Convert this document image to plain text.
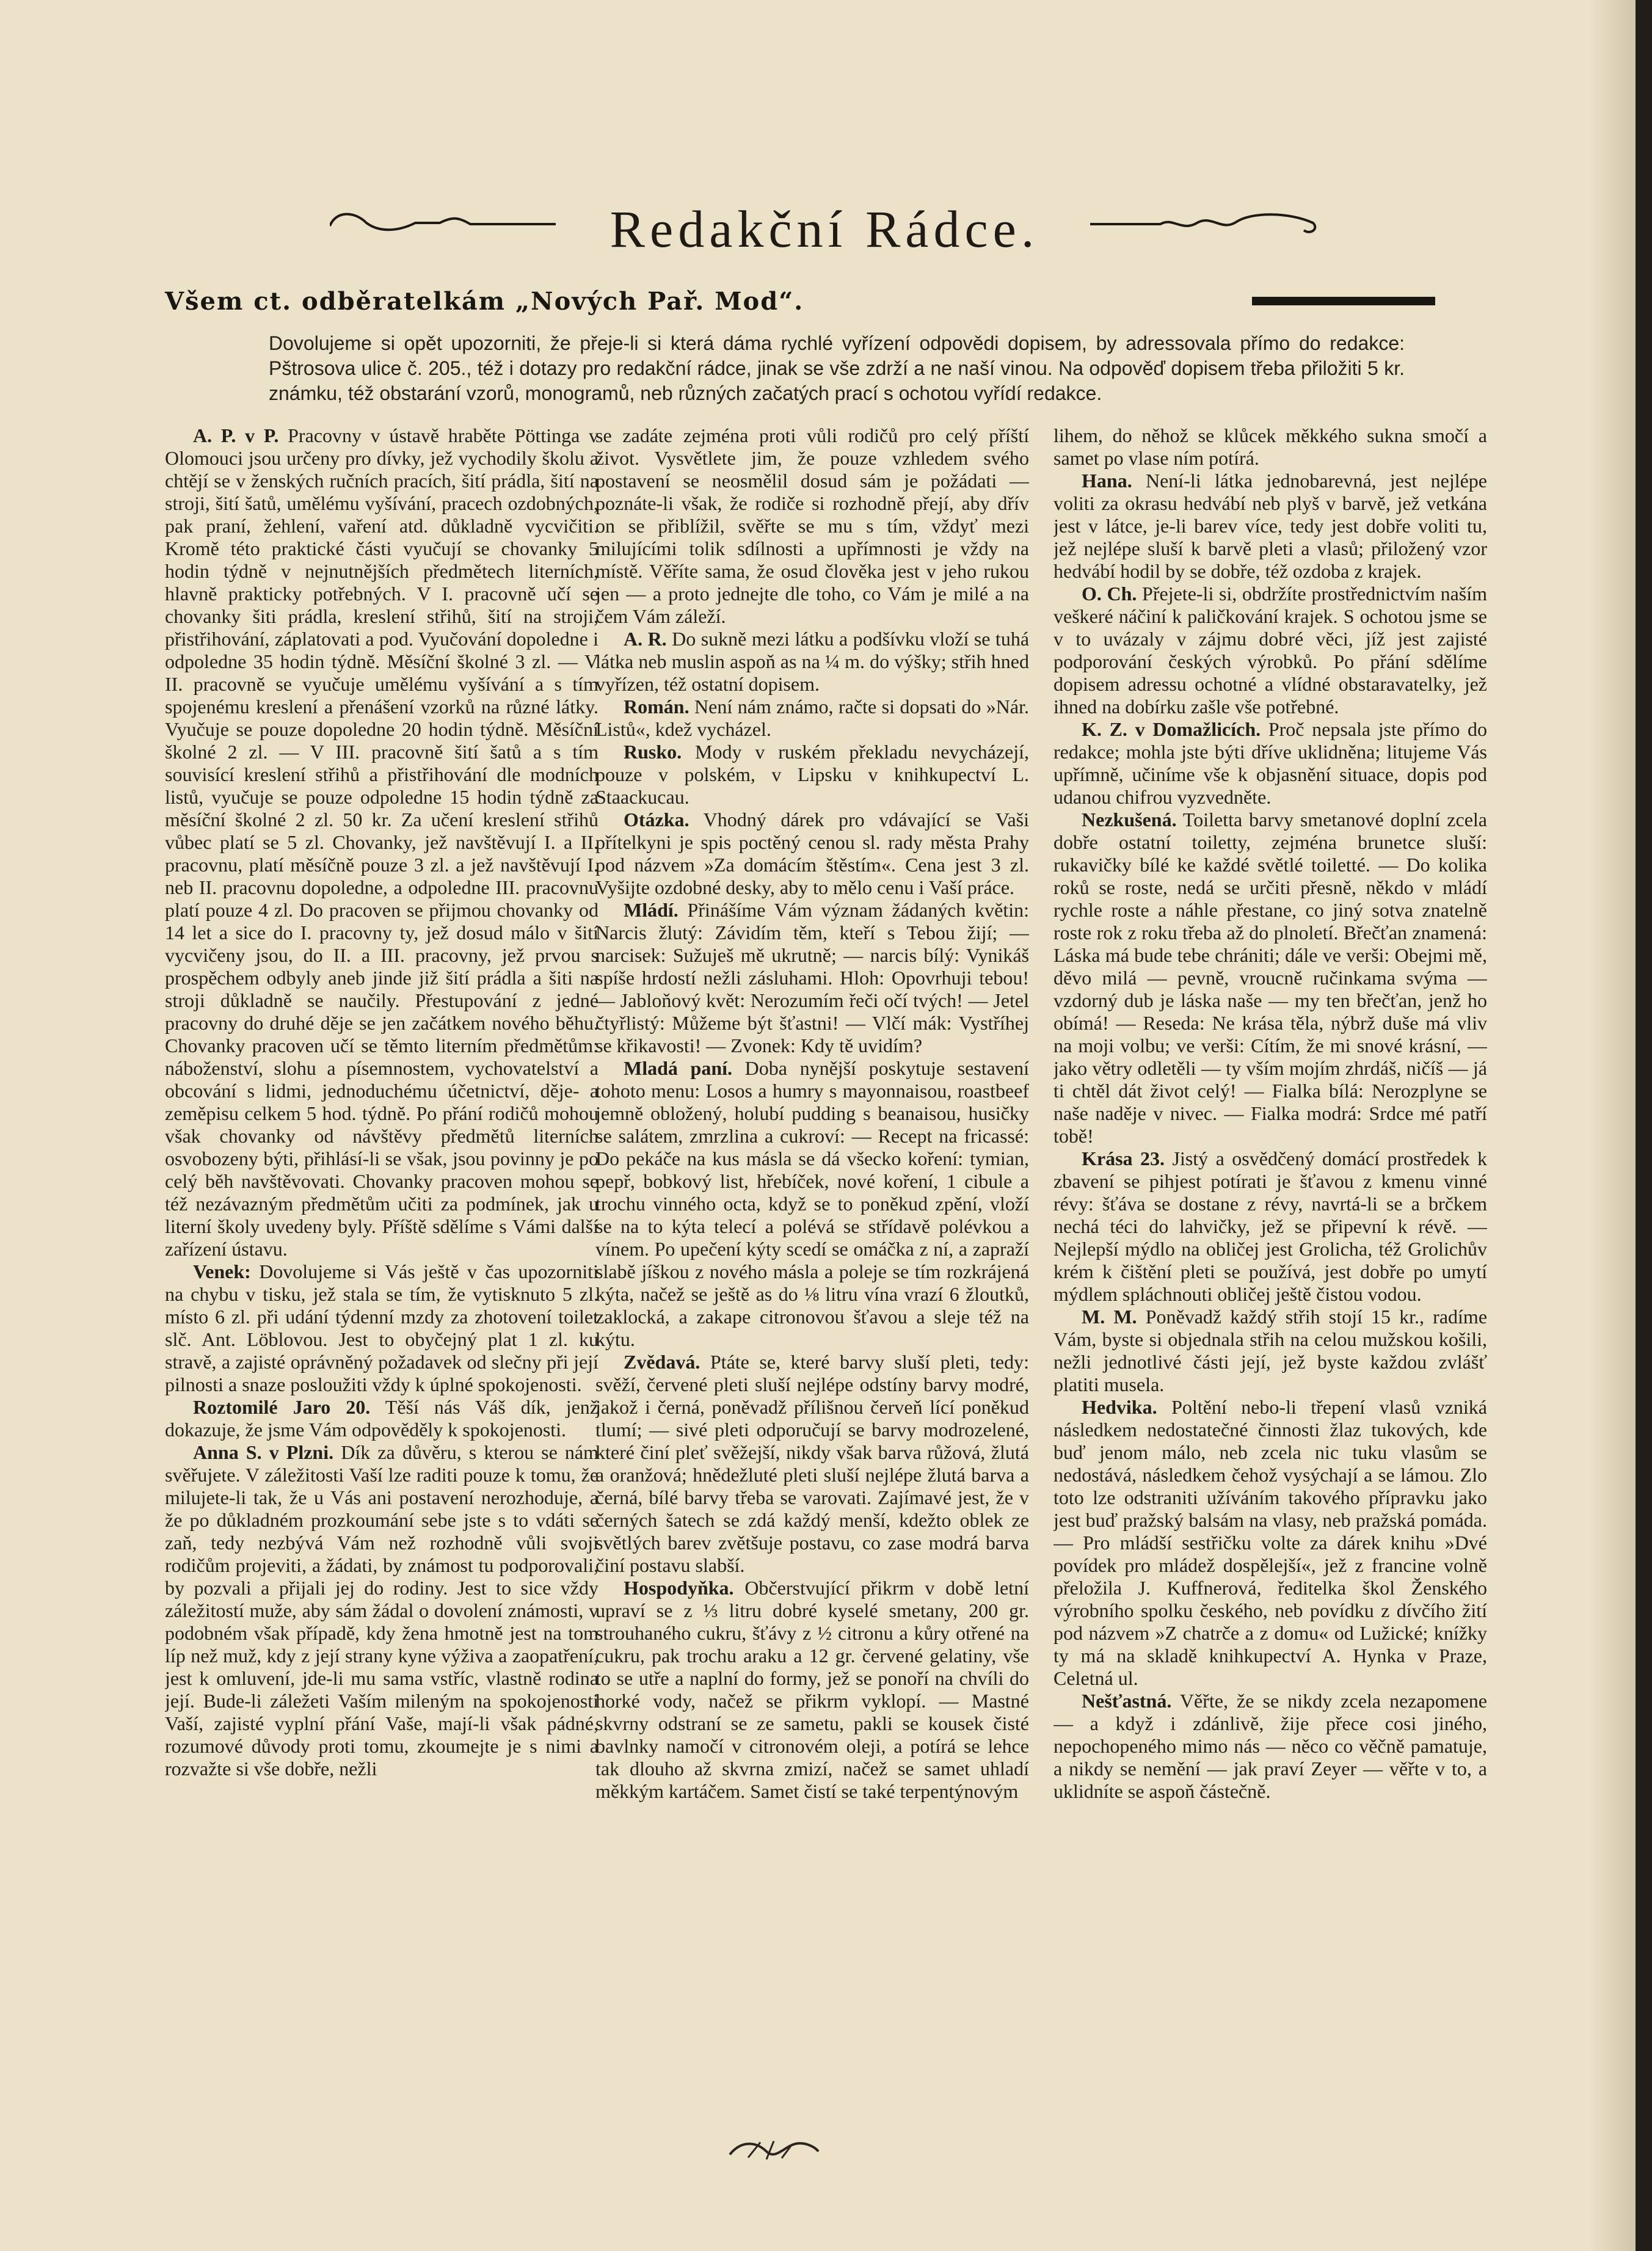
Redakční Rádce.
Všem ct. odběratelkám „Nových Pař. Mod“.

Dovolujeme si opět upozorniti, že přeje-li si která dáma rychlé vyřízení odpovědi dopisem, by adressovala přímo do redakce: Pštrosova ulice č. 205., též i dotazy pro redakční rádce, jinak se vše zdrží a ne naší vinou. Na odpověď dopisem třeba přiložiti 5 kr. známku, též obstarání vzorů, monogramů, neb různých začatých prací s ochotou vyřídí redakce.

A. P. v P. Pracovny v ústavě hraběte Pöttinga v Olomouci jsou určeny pro dívky, jež vychodily školu a chtějí se v ženských ručních pracích, šití prádla, šití na stroji, šití šatů, umělému vyšívání, pracech ozdobných, pak praní, žehlení, vaření atd. důkladně vycvičiti. Kromě této praktické části vyučují se chovanky 5 hodin týdně v nejnutnějších předmětech literních, hlavně prakticky potřebných. V I. pracovně učí se chovanky šiti prádla, kreslení střihů, šití na stroji, přistřihování, záplatovati a pod. Vyučování dopoledne i odpoledne 35 hodin týdně. Měsíční školné 3 zl. — V II. pracovně se vyučuje umělému vyšívání a s tím spojenému kreslení a přenášení vzorků na různé látky. Vyučuje se pouze dopoledne 20 hodin týdně. Měsíční školné 2 zl. — V III. pracovně šití šatů a s tím souvisící kreslení střihů a přistřihování dle modních listů, vyučuje se pouze odpoledne 15 hodin týdně za měsíční školné 2 zl. 50 kr. Za učení kreslení střihů vůbec platí se 5 zl. Chovanky, jež navštěvují I. a II. pracovnu, platí měsíčně pouze 3 zl. a jež navštěvují I. neb II. pracovnu dopoledne, a odpoledne III. pracovnu platí pouze 4 zl. Do pracoven se přijmou chovanky od 14 let a sice do I. pracovny ty, jež dosud málo v šití vycvičeny jsou, do II. a III. pracovny, jež prvou s prospěchem odbyly aneb jinde již šití prádla a šiti na stroji důkladně se naučily. Přestupování z jedné pracovny do druhé děje se jen začátkem nového běhu. Chovanky pracoven učí se těmto literním předmětům: náboženství, slohu a písemnostem, vychovatelství a obcování s lidmi, jednoduchému účetnictví, děje- a zeměpisu celkem 5 hod. týdně. Po přání rodičů mohou však chovanky od návštěvy předmětů literních osvobozeny býti, přihlásí-li se však, jsou povinny je po celý běh navštěvovati. Chovanky pracoven mohou se též nezávazným předmětům učiti za podmínek, jak u literní školy uvedeny byly. Příště sdělíme s Vámi další zařízení ústavu.

Venek: Dovolujeme si Vás ještě v čas upozorniti na chybu v tisku, jež stala se tím, že vytisknuto 5 zl. místo 6 zl. při udání týdenní mzdy za zhotovení toilet slč. Ant. Löblovou. Jest to obyčejný plat 1 zl. ku stravě, a zajisté oprávněný požadavek od slečny při její pilnosti a snaze posloužiti vždy k úplné spokojenosti.

Roztomilé Jaro 20. Těší nás Váš dík, jenž dokazuje, že jsme Vám odpověděly k spokojenosti.

Anna S. v Plzni. Dík za důvěru, s kterou se nám svěřujete. V záležitosti Vaší lze raditi pouze k tomu, že milujete-li tak, že u Vás ani postavení nerozhoduje, a že po důkladném prozkoumání sebe jste s to vdáti se zaň, tedy nezbývá Vám než rozhodně vůli svoji rodičům projeviti, a žádati, by známost tu podporovali, by pozvali a přijali jej do rodiny. Jest to sice vždy záležitostí muže, aby sám žádal o dovolení známosti, v podobném však případě, kdy žena hmotně jest na tom líp než muž, kdy z její strany kyne výživa a zaopatření, jest k omluvení, jde-li mu sama vstříc, vlastně rodina její. Bude-li záležeti Vaším mileným na spokojenosti Vaší, zajisté vyplní přání Vaše, mají-li však pádné, rozumové důvody proti tomu, zkoumejte je s nimi a rozvažte si vše dobře, nežli

se zadáte zejména proti vůli rodičů pro celý příští život. Vysvětlete jim, že pouze vzhledem svého postavení se neosmělil dosud sám je požádati — poznáte-li však, že rodiče si rozhodně přejí, aby dřív on se přiblížil, svěřte se mu s tím, vždyť mezi milujícími tolik sdílnosti a upřímnosti je vždy na místě. Věříte sama, že osud člověka jest v jeho rukou jen — a proto jednejte dle toho, co Vám je milé a na čem Vám záleží.

A. R. Do sukně mezi látku a podšívku vloží se tuhá látka neb muslin aspoň as na ¼ m. do výšky; střih hned vyřízen, též ostatní dopisem.

Román. Není nám známo, račte si dopsati do »Nár. Listů«, kdež vycházel.

Rusko. Mody v ruském překladu nevycházejí, pouze v polském, v Lipsku v knihkupectví L. Staackucau.

Otázka. Vhodný dárek pro vdávající se Vaši přítelkyni je spis poctěný cenou sl. rady města Prahy pod názvem »Za domácím štěstím«. Cena jest 3 zl. Vyšijte ozdobné desky, aby to mělo cenu i Vaší práce.

Mládí. Přinášíme Vám význam žádaných květin: Narcis žlutý: Závidím těm, kteří s Tebou žijí; — narcisek: Sužuješ mě ukrutně; — narcis bílý: Vynikáš spíše hrdostí nežli zásluhami. Hloh: Opovrhuji tebou! — Jabloňový květ: Nerozumím řeči očí tvých! — Jetel čtyřlistý: Můžeme být šťastni! — Vlčí mák: Vystříhej se křikavosti! — Zvonek: Kdy tě uvidím?

Mladá paní. Doba nynější poskytuje sestavení tohoto menu: Losos a humry s mayonnaisou, roastbeef jemně obložený, holubí pudding s beanaisou, husičky se salátem, zmrzlina a cukroví: — Recept na fricassé: Do pekáče na kus másla se dá všecko koření: tymian, pepř, bobkový list, hřebíček, nové koření, 1 cibule a trochu vinného octa, když se to poněkud zpění, vloží se na to kýta telecí a polévá se střídavě polévkou a vínem. Po upečení kýty scedí se omáčka z ní, a zapraží slabě jíškou z nového másla a poleje se tím rozkrájená kýta, načež se ještě as do ⅛ litru vína vrazí 6 žloutků, zaklocká, a zakape citronovou šťavou a sleje též na kýtu.

Zvědavá. Ptáte se, které barvy sluší pleti, tedy: svěží, červené pleti sluší nejlépe odstíny barvy modré, jakož i černá, poněvadž přílišnou červeň lící poněkud tlumí; — sivé pleti odporučují se barvy modrozelené, které činí pleť svěžejší, nikdy však barva růžová, žlutá a oranžová; hnědežluté pleti sluší nejlépe žlutá barva a černá, bílé barvy třeba se varovati. Zajímavé jest, že v černých šatech se zdá každý menší, kdežto oblek ze světlých barev zvětšuje postavu, co zase modrá barva činí postavu slabší.

Hospodyňka. Občerstvující přikrm v době letní upraví se z ⅓ litru dobré kyselé smetany, 200 gr. strouhaného cukru, šťávy z ½ citronu a kůry otřené na cukru, pak trochu araku a 12 gr. červené gelatiny, vše to se utře a naplní do formy, jež se ponoří na chvíli do horké vody, načež se přikrm vyklopí. — Mastné skvrny odstraní se ze sametu, pakli se kousek čisté bavlnky namočí v citronovém oleji, a potírá se lehce tak dlouho až skvrna zmizí, načež se samet uhladí měkkým kartáčem. Samet čistí se také terpentýnovým

lihem, do něhož se klůcek měkkého sukna smočí a samet po vlase ním potírá.

Hana. Není-li látka jednobarevná, jest nejlépe voliti za okrasu hedvábí neb plyš v barvě, jež vetkána jest v látce, je-li barev více, tedy jest dobře voliti tu, jež nejlépe sluší k barvě pleti a vlasů; přiložený vzor hedvábí hodil by se dobře, též ozdoba z krajek.

O. Ch. Přejete-li si, obdržíte prostřednictvím naším veškeré náčiní k paličkování krajek. S ochotou jsme se v to uvázaly v zájmu dobré věci, jíž jest zajisté podporování českých výrobků. Po přání sdělíme dopisem adressu ochotné a vlídné obstaravatelky, jež ihned na dobírku zašle vše potřebné.

K. Z. v Domažlicích. Proč nepsala jste přímo do redakce; mohla jste býti dříve uklidněna; litujeme Vás upřímně, učiníme vše k objasnění situace, dopis pod udanou chifrou vyzvedněte.

Nezkušená. Toiletta barvy smetanové doplní zcela dobře ostatní toiletty, zejména brunetce sluší: rukavičky bílé ke každé světlé toiletté. — Do kolika roků se roste, nedá se určiti přesně, někdo v mládí rychle roste a náhle přestane, co jiný sotva znatelně roste rok z roku třeba až do plnoletí. Břečťan znamená: Láska má bude tebe chrániti; dále ve verši: Obejmi mě, děvo milá — pevně, vroucně ručinkama svýma — vzdorný dub je láska naše — my ten břečťan, jenž ho obímá! — Reseda: Ne krása těla, nýbrž duše má vliv na moji volbu; ve verši: Cítím, že mi snové krásní, — jako větry odletěli — ty vším mojím zhrdáš, ničíš — já ti chtěl dát život celý! — Fialka bílá: Nerozplyne se naše naděje v nivec. — Fialka modrá: Srdce mé patří tobě!

Krása 23. Jistý a osvědčený domácí prostředek k zbavení se pihjest potírati je šťavou z kmenu vinné révy: šťáva se dostane z révy, navrtá-li se a brčkem nechá téci do lahvičky, jež se připevní k révě. — Nejlepší mýdlo na obličej jest Grolicha, též Grolichův krém k čištění pleti se používá, jest dobře po umytí mýdlem spláchnouti obličej ještě čistou vodou.

M. M. Poněvadž každý střih stojí 15 kr., radíme Vám, byste si objednala střih na celou mužskou košili, nežli jednotlivé části její, jež byste každou zvlášť platiti musela.

Hedvika. Poltění nebo-li třepení vlasů vzniká následkem nedostatečné činnosti žlaz tukových, kde buď jenom málo, neb zcela nic tuku vlasům se nedostává, následkem čehož vysýchají a se lámou. Zlo toto lze odstraniti užíváním takového přípravku jako jest buď pražský balsám na vlasy, neb pražská pomáda. — Pro mládší sestřičku volte za dárek knihu »Dvé povídek pro mládež dospělejší«, jež z francine volně přeložila J. Kuffnerová, ředitelka škol Ženského výrobního spolku českého, neb povídku z dívčího žití pod názvem »Z chatrče a z domu« od Lužické; knížky ty má na skladě knihkupectví A. Hynka v Praze, Celetná ul.

Nešťastná. Věřte, že se nikdy zcela nezapomene — a když i zdánlivě, žije přece cosi jiného, nepochopeného mimo nás — něco co věčně pamatuje, a nikdy se nemění — jak praví Zeyer — věřte v to, a uklidníte se aspoň částečně.
